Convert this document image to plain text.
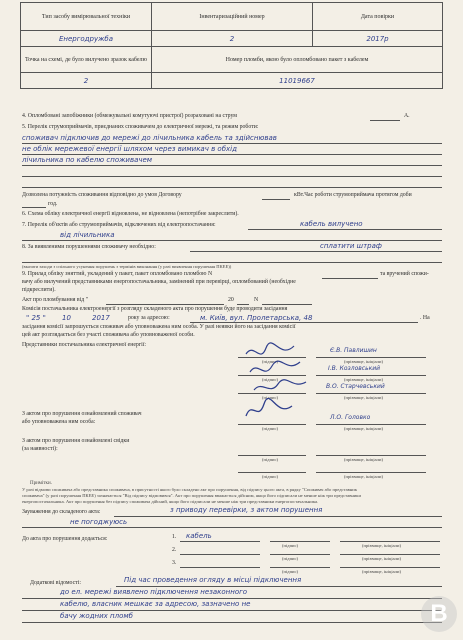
Тип засобу вимірювальної техніки	Інвентаризаційний номер	Дата повірки
Енергодружба	2	2017р
Точка на схемі, де було вилучено зразок кабелю	Номер пломби, якою було опломбовано пакет з кабелем	
2	11019667	
4. Опломбовані запобіжники (обмежувальні комутуючі пристрої) розраховані на струм	А.
5. Перелік струмоприймачів, приєднаних споживачем до електричної мережі, та режим роботи:
споживач підключив до мережі до лічильника кабель та здійснював
не облік мережевої енергії шляхом через вимикач в обхід
лічильника по кабелю споживачем
Дозволена потужність споживання відповідно до умов Договору	кВт.Час роботи струмоприймача протягом доби
год.
6. Схема обліку електричної енергії відновлена, не відновлена (непотрібне закреслити).
7. Перелік об'єктів або струмоприймачів, відключених від електропостачання:	кабель вилучено
від лічильника
8. За виявленими порушеннями споживачу необхідно:	сплатити штраф
(вказати заходи з спільного усунення порушень з термінів виконання (у разі виявлення порушення ПКЕЕ))
9. Прилад обліку зняттий, укладений у пакет, пакет опломбовано пломбою N	та вручений спожи-
вачу або вилучений представниками енергопостачальника, замінений при перевірці, опломбований (необхідне
підкреслити).
Акт про пломбування від "	20	N
Комісія постачальника електроенергії з розгляду складеного акта про порушення буде проводити засідання
" 25 " 10	2017	року за адресою:	м. Київ, вул. Пролетарська, 48	. На
засідання комісії запрошується споживач або уповноважена ним особа. У разі неявки його на засідання комісії
цей акт розглядається без участі споживача або уповноваженої особи.
Представники постачальника електричної енергії:
(підпис)
Є.В. Павлишин
(прізвище, ініціали)
(підпис)
І.В. Козловський
(прізвище, ініціали)
(підпис)
В.О. Старчевський
(прізвище, ініціали)
З актом про порушення ознайомлений споживач
або уповноважена ним особа:
(підпис)
Л.О. Головко
(прізвище, ініціали)
З актом про порушення ознайомлені свідки
(за наявності):
(підпис)	(прізвище, ініціали)
(підпис)	(прізвище, ініціали)
Примітки.
У разі відмови споживача або представника споживача, в присутності якого було складено акт про порушення, від підпису цього акта, в рядку "Споживач або представник
споживача" (у разі порушення ПКЕЕ) зазначається "Від підпису відмовився". Акт про порушення вважається дійсним, якщо його підписали не менше ніж три представники
енергопостачальника. Акт про порушення без підпису споживача дійсний, якщо його підписали не менше ніж три представники енергопостачальника.
Зауваження до складеного акта:	з приводу перевірки, з актом порушення
не погоджуюсь
До акта про порушення додається:	1. кабель
(підпис)	(прізвище, ініціали)
2.
(підпис)	(прізвище, ініціали)
3.
(підпис)	(прізвище, ініціали)
Додаткові відомості:	Під час проведення огляду в місці підключення
до ел. мережі виявлено підключення незаконного
кабелю, власник мешкає за адресою, зазначено не
бачу жодних пломб	В
